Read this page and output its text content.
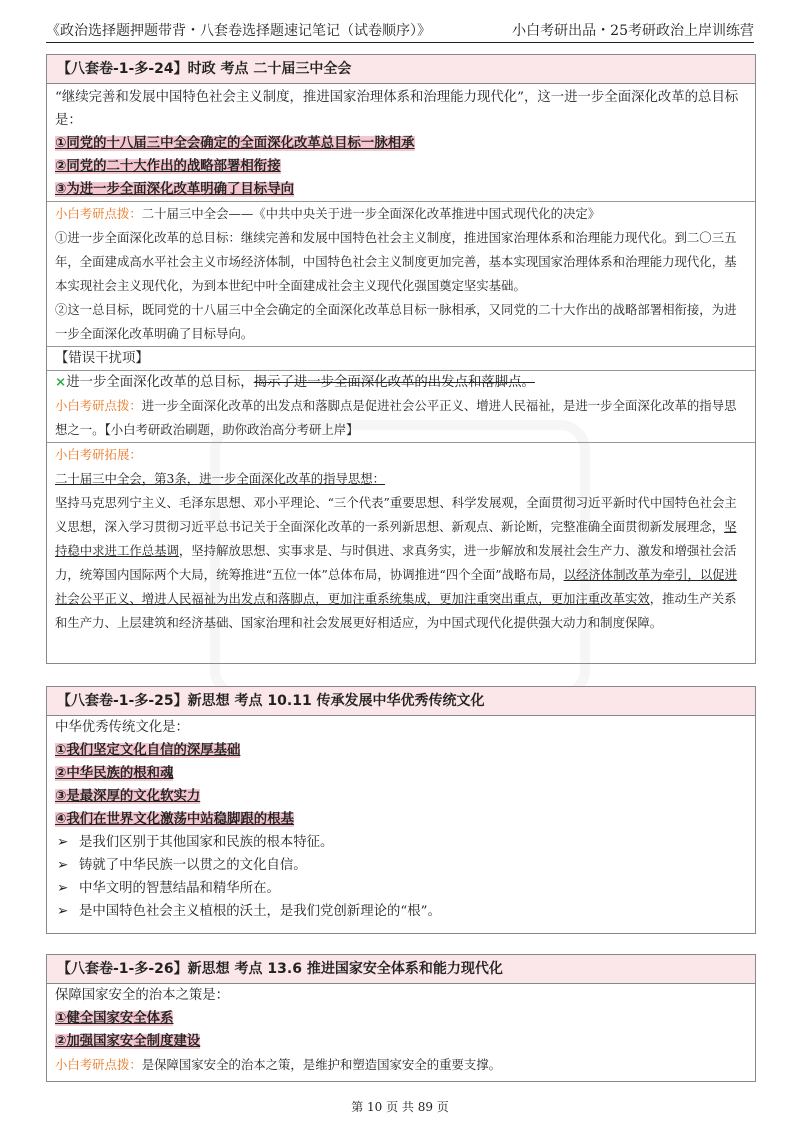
《政治选择题押题带背・八套卷选择题速记笔记（试卷顺序）》	小白考研出品・25考研政治上岸训练营
【八套卷-1-多-24】时政 考点 二十届三中全会
“继续完善和发展中国特色社会主义制度，推进国家治理体系和治理能力现代化”，这一进一步全面深化改革的总目标是：
①同党的十八届三中全会确定的全面深化改革总目标一脉相承
②同党的二十大作出的战略部署相衔接
③为进一步全面深化改革明确了目标导向
小白考研点拨：二十届三中全会——《中共中央关于进一步全面深化改革推进中国式现代化的决定》
①进一步全面深化改革的总目标：继续完善和发展中国特色社会主义制度，推进国家治理体系和治理能力现代化。到二〇三五年，全面建成高水平社会主义市场经济体制，中国特色社会主义制度更加完善，基本实现国家治理体系和治理能力现代化，基本实现社会主义现代化，为到本世纪中叶全面建成社会主义现代化强国奠定坚实基础。
②这一总目标，既同党的十八届三中全会确定的全面深化改革总目标一脉相承，又同党的二十大作出的战略部署相衔接，为进一步全面深化改革明确了目标导向。
【错误干扰项】
×进一步全面深化改革的总目标，揭示了进一步全面深化改革的出发点和落脚点。
小白考研点拨：进一步全面深化改革的出发点和落脚点是促进社会公平正义、增进人民福祉，是进一步全面深化改革的指导思想之一。【小白考研政治刷题，助你政治高分考研上岸】
小白考研拓展：
二十届三中全会，第3条，进一步全面深化改革的指导思想：
坚持马克思列宁主义、毛泽东思想、邓小平理论、“三个代表”重要思想、科学发展观，全面贯彻习近平新时代中国特色社会主义思想，深入学习贯彻习近平总书记关于全面深化改革的一系列新思想、新观点、新论断，完整准确全面贯彻新发展理念，坚持稳中求进工作总基调，坚持解放思想、实事求是、与时俱进、求真务实，进一步解放和发展社会生产力、激发和增强社会活力，统筹国内国际两个大局，统筹推进“五位一体”总体布局，协调推进“四个全面”战略布局，以经济体制改革为牵引，以促进社会公平正义、增进人民福祉为出发点和落脚点，更加注重系统集成，更加注重突出重点，更加注重改革实效，推动生产关系和生产力、上层建筑和经济基础、国家治理和社会发展更好相适应，为中国式现代化提供强大动力和制度保障。
【八套卷-1-多-25】新思想 考点 10.11 传承发展中华优秀传统文化
中华优秀传统文化是：
①我们坚定文化自信的深厚基础
②中华民族的根和魂
③是最深厚的文化软实力
④我们在世界文化激荡中站稳脚跟的根基
➢ 是我们区别于其他国家和民族的根本特征。
➢ 铸就了中华民族一以贯之的文化自信。
➢ 中华文明的智慧结晶和精华所在。
➢ 是中国特色社会主义植根的沃土，是我们党创新理论的“根”。
【八套卷-1-多-26】新思想 考点 13.6 推进国家安全体系和能力现代化
保障国家安全的治本之策是：
①健全国家安全体系
②加强国家安全制度建设
小白考研点拨：是保障国家安全的治本之策，是维护和塑造国家安全的重要支撑。
第 10 页 共 89 页
